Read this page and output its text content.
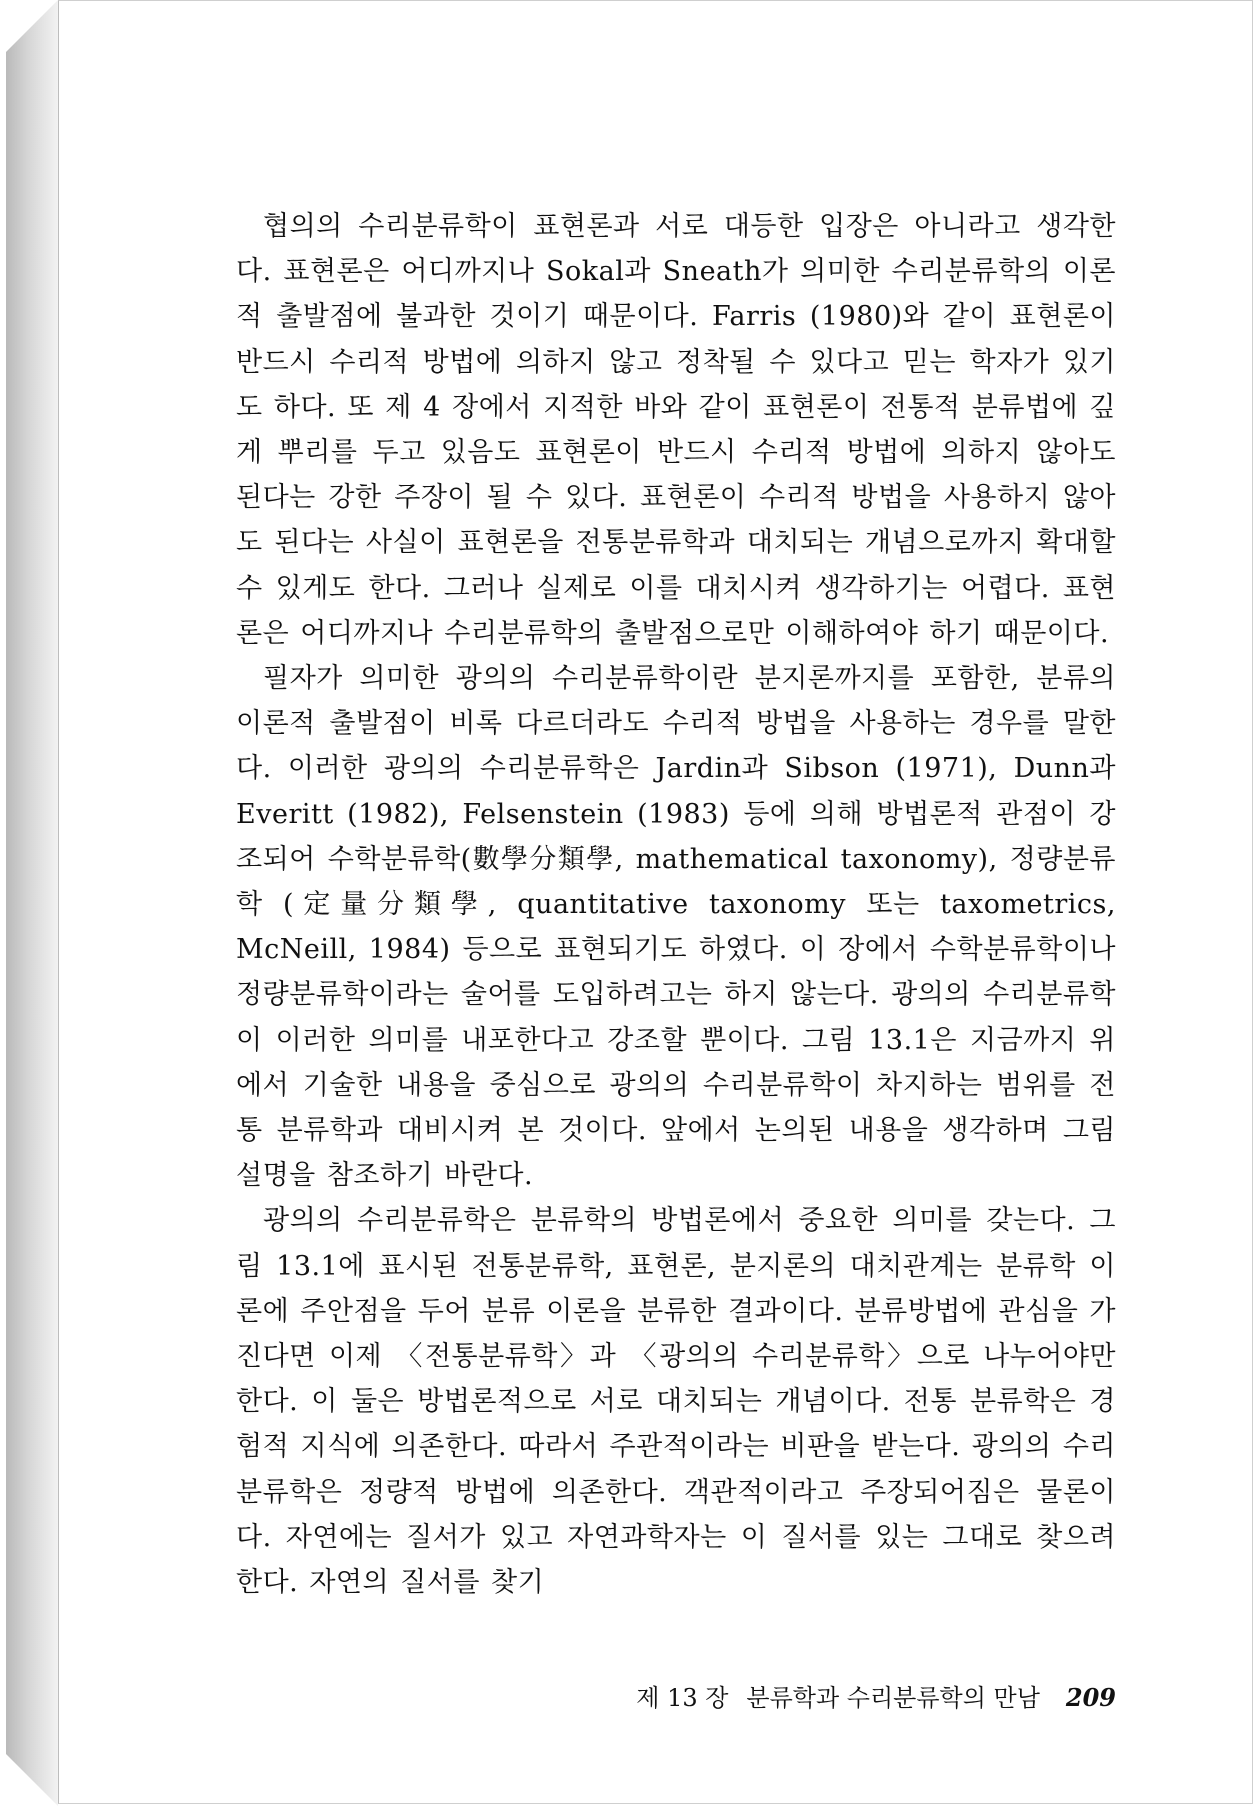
협의의 수리분류학이 표현론과 서로 대등한 입장은 아니라고 생각한다. 표현론은 어디까지나 Sokal과 Sneath가 의미한 수리분류학의 이론적 출발점에 불과한 것이기 때문이다. Farris (1980)와 같이 표현론이 반드시 수리적 방법에 의하지 않고 정착될 수 있다고 믿는 학자가 있기도 하다. 또 제 4 장에서 지적한 바와 같이 표현론이 전통적 분류법에 깊게 뿌리를 두고 있음도 표현론이 반드시 수리적 방법에 의하지 않아도 된다는 강한 주장이 될 수 있다. 표현론이 수리적 방법을 사용하지 않아도 된다는 사실이 표현론을 전통분류학과 대치되는 개념으로까지 확대할 수 있게도 한다. 그러나 실제로 이를 대치시켜 생각하기는 어렵다. 표현론은 어디까지나 수리분류학의 출발점으로만 이해하여야 하기 때문이다.

필자가 의미한 광의의 수리분류학이란 분지론까지를 포함한, 분류의 이론적 출발점이 비록 다르더라도 수리적 방법을 사용하는 경우를 말한다. 이러한 광의의 수리분류학은 Jardin과 Sibson (1971), Dunn과 Everitt (1982), Felsenstein (1983) 등에 의해 방법론적 관점이 강조되어 수학분류학(數學分類學, mathematical taxonomy), 정량분류학 (定量分類學, quantitative taxonomy 또는 taxometrics, McNeill, 1984) 등으로 표현되기도 하였다. 이 장에서 수학분류학이나 정량분류학이라는 술어를 도입하려고는 하지 않는다. 광의의 수리분류학이 이러한 의미를 내포한다고 강조할 뿐이다. 그림 13.1은 지금까지 위에서 기술한 내용을 중심으로 광의의 수리분류학이 차지하는 범위를 전통 분류학과 대비시켜 본 것이다. 앞에서 논의된 내용을 생각하며 그림 설명을 참조하기 바란다.

광의의 수리분류학은 분류학의 방법론에서 중요한 의미를 갖는다. 그림 13.1에 표시된 전통분류학, 표현론, 분지론의 대치관계는 분류학 이론에 주안점을 두어 분류 이론을 분류한 결과이다. 분류방법에 관심을 가진다면 이제 〈전통분류학〉과 〈광의의 수리분류학〉으로 나누어야만 한다. 이 둘은 방법론적으로 서로 대치되는 개념이다. 전통 분류학은 경험적 지식에 의존한다. 따라서 주관적이라는 비판을 받는다. 광의의 수리분류학은 정량적 방법에 의존한다. 객관적이라고 주장되어짐은 물론이다. 자연에는 질서가 있고 자연과학자는 이 질서를 있는 그대로 찾으려 한다. 자연의 질서를 찾기

제 13 장 분류학과 수리분류학의 만남 209
